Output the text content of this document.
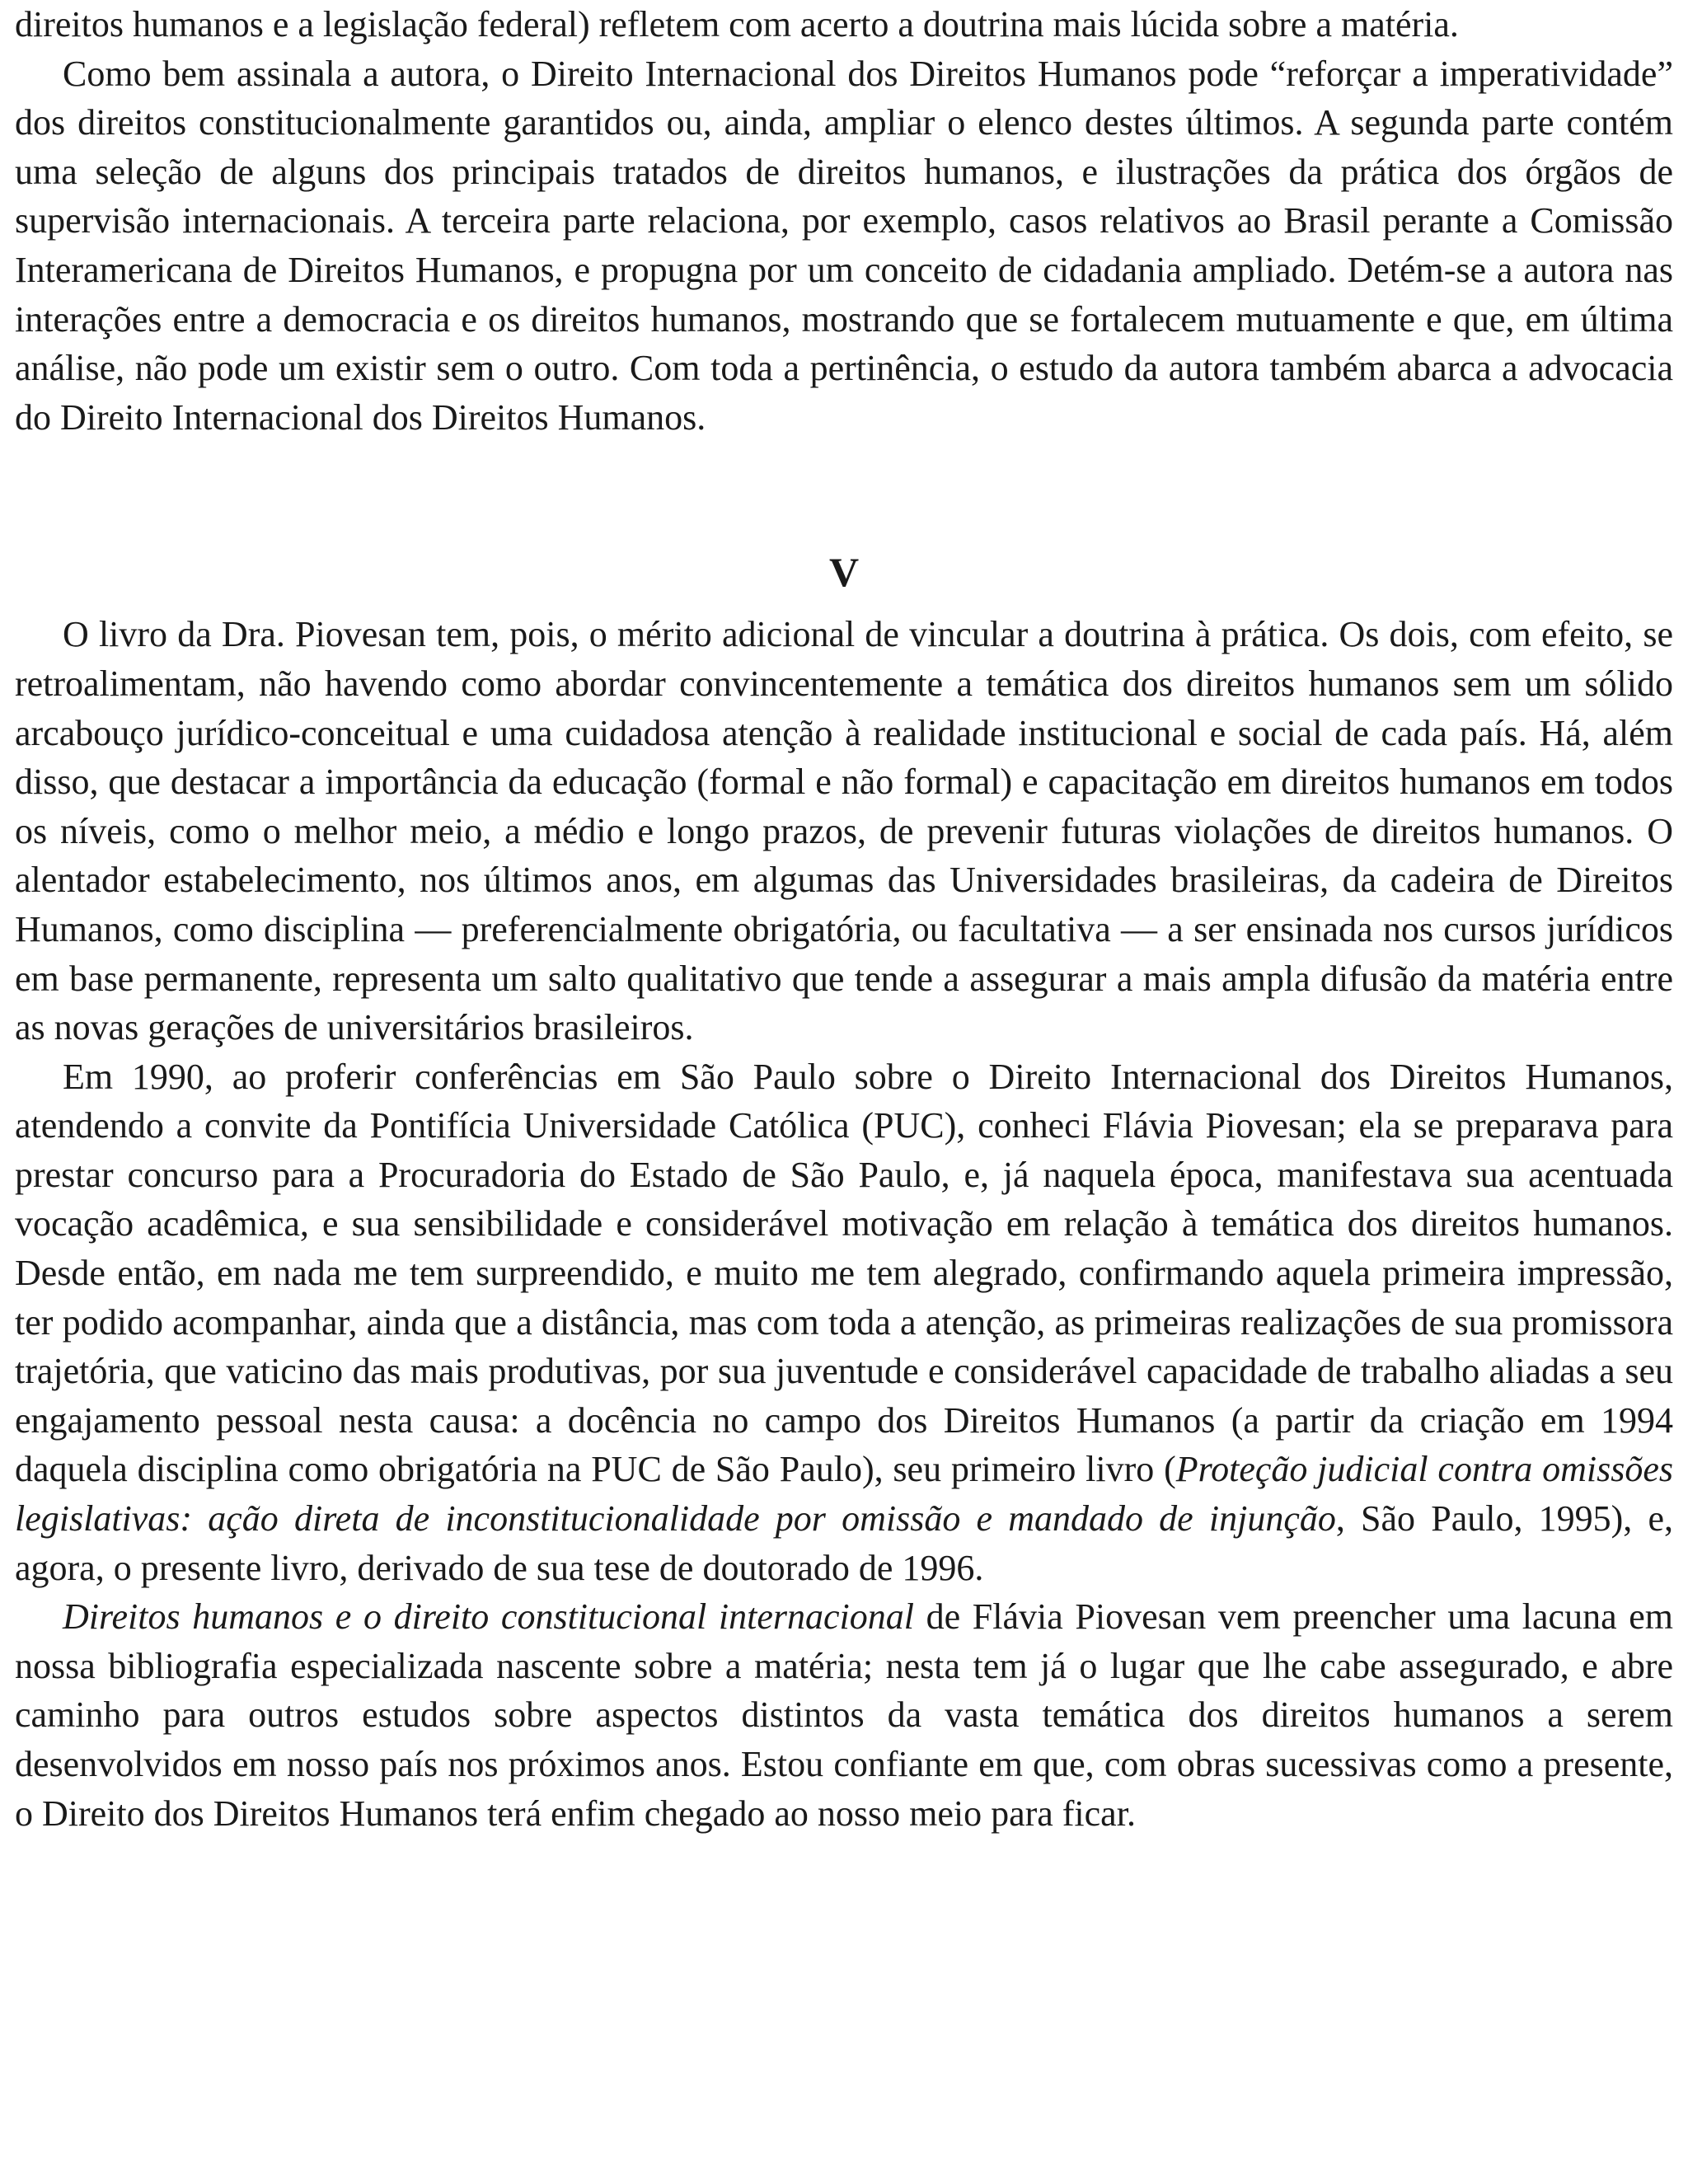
direitos humanos e a legislação federal) refletem com acerto a doutrina mais lúcida sobre a matéria.

Como bem assinala a autora, o Direito Internacional dos Direitos Humanos pode “reforçar a imperatividade” dos direitos constitucionalmente garantidos ou, ainda, ampliar o elenco destes últimos. A segunda parte contém uma seleção de alguns dos principais tratados de direitos humanos, e ilustrações da prática dos órgãos de supervisão internacionais. A terceira parte relaciona, por exemplo, casos relativos ao Brasil perante a Comissão Interamericana de Direitos Humanos, e propugna por um conceito de cidadania ampliado. Detém-se a autora nas interações entre a democracia e os direitos humanos, mostrando que se fortalecem mutuamente e que, em última análise, não pode um existir sem o outro. Com toda a pertinência, o estudo da autora também abarca a advocacia do Direito Internacional dos Direitos Humanos.

V

O livro da Dra. Piovesan tem, pois, o mérito adicional de vincular a doutrina à prática. Os dois, com efeito, se retroalimentam, não havendo como abordar convincentemente a temática dos direitos humanos sem um sólido arcabouço jurídico-conceitual e uma cuidadosa atenção à realidade institucional e social de cada país. Há, além disso, que destacar a importância da educação (formal e não formal) e capacitação em direitos humanos em todos os níveis, como o melhor meio, a médio e longo prazos, de prevenir futuras violações de direitos humanos. O alentador estabelecimento, nos últimos anos, em algumas das Universidades brasileiras, da cadeira de Direitos Humanos, como disciplina — preferencialmente obrigatória, ou facultativa — a ser ensinada nos cursos jurídicos em base permanente, representa um salto qualitativo que tende a assegurar a mais ampla difusão da matéria entre as novas gerações de universitários brasileiros.

Em 1990, ao proferir conferências em São Paulo sobre o Direito Internacional dos Direitos Humanos, atendendo a convite da Pontifícia Universidade Católica (PUC), conheci Flávia Piovesan; ela se preparava para prestar concurso para a Procuradoria do Estado de São Paulo, e, já naquela época, manifestava sua acentuada vocação acadêmica, e sua sensibilidade e considerável motivação em relação à temática dos direitos humanos. Desde então, em nada me tem surpreendido, e muito me tem alegrado, confirmando aquela primeira impressão, ter podido acompanhar, ainda que a distância, mas com toda a atenção, as primeiras realizações de sua promissora trajetória, que vaticino das mais produtivas, por sua juventude e considerável capacidade de trabalho aliadas a seu engajamento pessoal nesta causa: a docência no campo dos Direitos Humanos (a partir da criação em 1994 daquela disciplina como obrigatória na PUC de São Paulo), seu primeiro livro (Proteção judicial contra omissões legislativas: ação direta de inconstitucionalidade por omissão e mandado de injunção, São Paulo, 1995), e, agora, o presente livro, derivado de sua tese de doutorado de 1996.
Direitos humanos e o direito constitucional internacional de Flávia Piovesan vem preencher uma lacuna em nossa bibliografia especializada nascente sobre a matéria; nesta tem já o lugar que lhe cabe assegurado, e abre caminho para outros estudos sobre aspectos distintos da vasta temática dos direitos humanos a serem desenvolvidos em nosso país nos próximos anos. Estou confiante em que, com obras sucessivas como a presente, o Direito dos Direitos Humanos terá enfim chegado ao nosso meio para ficar.
